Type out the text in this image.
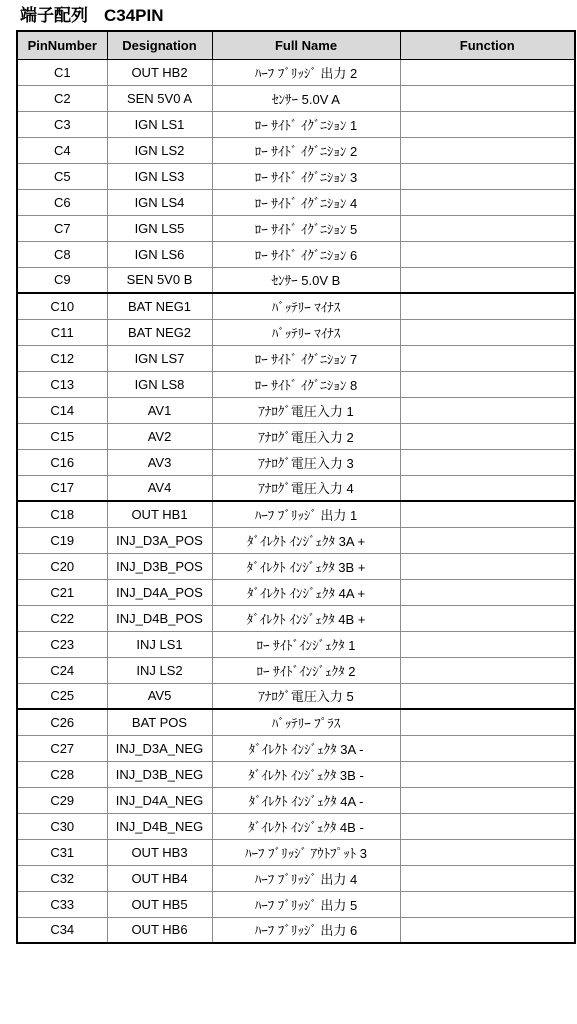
端子配列 C34PIN
PinNumber	Designation	Full Name	Function
C1	OUT HB2	ﾊｰﾌ ﾌﾞﾘｯｼﾞ 出力 2	
C2	SEN 5V0 A	ｾﾝｻｰ 5.0V A	
C3	IGN LS1	ﾛｰ ｻｲﾄﾞ ｲｸﾞﾆｼｮﾝ 1	
C4	IGN LS2	ﾛｰ ｻｲﾄﾞ ｲｸﾞﾆｼｮﾝ 2	
C5	IGN LS3	ﾛｰ ｻｲﾄﾞ ｲｸﾞﾆｼｮﾝ 3	
C6	IGN LS4	ﾛｰ ｻｲﾄﾞ ｲｸﾞﾆｼｮﾝ 4	
C7	IGN LS5	ﾛｰ ｻｲﾄﾞ ｲｸﾞﾆｼｮﾝ 5	
C8	IGN LS6	ﾛｰ ｻｲﾄﾞ ｲｸﾞﾆｼｮﾝ 6	
C9	SEN 5V0 B	ｾﾝｻｰ 5.0V B	
C10	BAT NEG1	ﾊﾞｯﾃﾘｰ ﾏｲﾅｽ	
C11	BAT NEG2	ﾊﾞｯﾃﾘｰ ﾏｲﾅｽ	
C12	IGN LS7	ﾛｰ ｻｲﾄﾞ ｲｸﾞﾆｼｮﾝ 7	
C13	IGN LS8	ﾛｰ ｻｲﾄﾞ ｲｸﾞﾆｼｮﾝ 8	
C14	AV1	ｱﾅﾛｸﾞ電圧入力 1	
C15	AV2	ｱﾅﾛｸﾞ電圧入力 2	
C16	AV3	ｱﾅﾛｸﾞ電圧入力 3	
C17	AV4	ｱﾅﾛｸﾞ電圧入力 4	
C18	OUT HB1	ﾊｰﾌ ﾌﾞﾘｯｼﾞ 出力 1	
C19	INJ_D3A_POS	ﾀﾞｲﾚｸﾄ ｲﾝｼﾞｪｸﾀ 3A +	
C20	INJ_D3B_POS	ﾀﾞｲﾚｸﾄ ｲﾝｼﾞｪｸﾀ 3B +	
C21	INJ_D4A_POS	ﾀﾞｲﾚｸﾄ ｲﾝｼﾞｪｸﾀ 4A +	
C22	INJ_D4B_POS	ﾀﾞｲﾚｸﾄ ｲﾝｼﾞｪｸﾀ 4B +	
C23	INJ LS1	ﾛｰ ｻｲﾄﾞｲﾝｼﾞｪｸﾀ 1	
C24	INJ LS2	ﾛｰ ｻｲﾄﾞｲﾝｼﾞｪｸﾀ 2	
C25	AV5	ｱﾅﾛｸﾞ電圧入力 5	
C26	BAT POS	ﾊﾞｯﾃﾘｰ ﾌﾟﾗｽ	
C27	INJ_D3A_NEG	ﾀﾞｲﾚｸﾄ ｲﾝｼﾞｪｸﾀ 3A -	
C28	INJ_D3B_NEG	ﾀﾞｲﾚｸﾄ ｲﾝｼﾞｪｸﾀ 3B -	
C29	INJ_D4A_NEG	ﾀﾞｲﾚｸﾄ ｲﾝｼﾞｪｸﾀ 4A -	
C30	INJ_D4B_NEG	ﾀﾞｲﾚｸﾄ ｲﾝｼﾞｪｸﾀ 4B -	
C31	OUT HB3	ﾊｰﾌ ﾌﾞﾘｯｼﾞ ｱｳﾄﾌﾟｯﾄ 3	
C32	OUT HB4	ﾊｰﾌ ﾌﾞﾘｯｼﾞ 出力 4	
C33	OUT HB5	ﾊｰﾌ ﾌﾞﾘｯｼﾞ 出力 5	
C34	OUT HB6	ﾊｰﾌ ﾌﾞﾘｯｼﾞ 出力 6	
